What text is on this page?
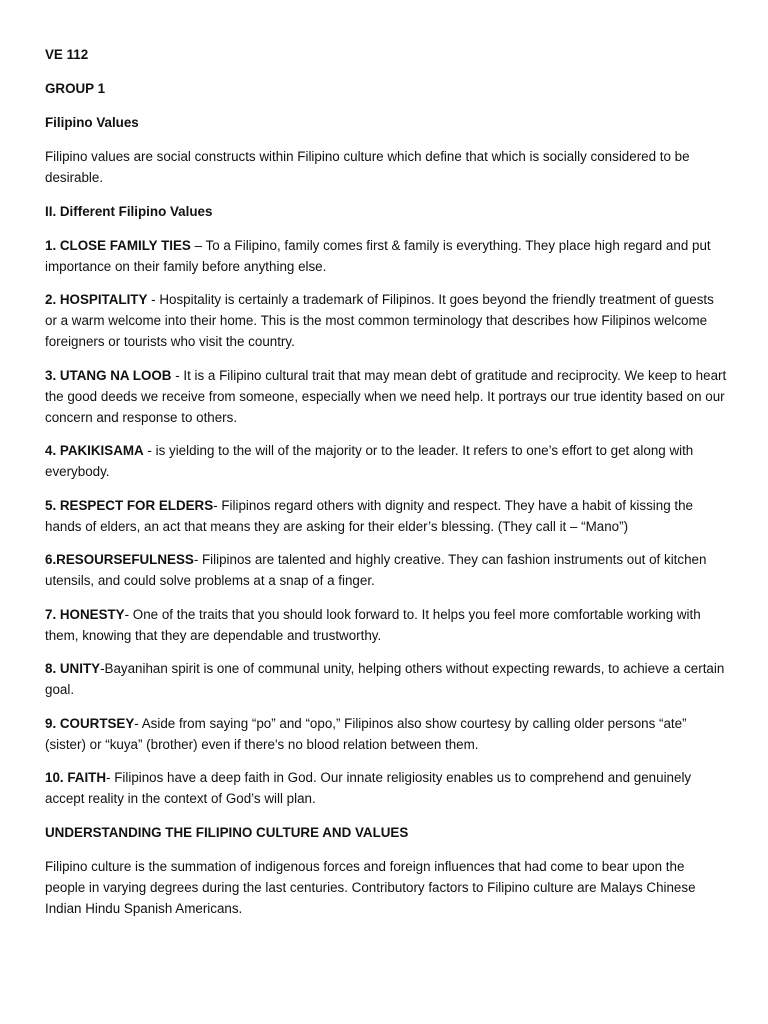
VE 112
GROUP 1
Filipino Values

Filipino values are social constructs within Filipino culture which define that which is socially considered to be desirable.

II. Different Filipino Values

1. CLOSE FAMILY TIES – To a Filipino, family comes first & family is everything. They place high regard and put importance on their family before anything else.

2. HOSPITALITY - Hospitality is certainly a trademark of Filipinos. It goes beyond the friendly treatment of guests or a warm welcome into their home. This is the most common terminology that describes how Filipinos welcome foreigners or tourists who visit the country.

3. UTANG NA LOOB - It is a Filipino cultural trait that may mean debt of gratitude and reciprocity. We keep to heart the good deeds we receive from someone, especially when we need help. It portrays our true identity based on our concern and response to others.

4. PAKIKISAMA - is yielding to the will of the majority or to the leader. It refers to one’s effort to get along with everybody.

5. RESPECT FOR ELDERS- Filipinos regard others with dignity and respect. They have a habit of kissing the hands of elders, an act that means they are asking for their elder’s blessing. (They call it – “Mano”)

6.RESOURSEFULNESS- Filipinos are talented and highly creative. They can fashion instruments out of kitchen utensils, and could solve problems at a snap of a finger.

7. HONESTY- One of the traits that you should look forward to. It helps you feel more comfortable working with them, knowing that they are dependable and trustworthy.

8. UNITY-Bayanihan spirit is one of communal unity, helping others without expecting rewards, to achieve a certain goal.

9. COURTSEY- Aside from saying “po” and “opo,” Filipinos also show courtesy by calling older persons “ate” (sister) or “kuya” (brother) even if there's no blood relation between them.

10. FAITH- Filipinos have a deep faith in God. Our innate religiosity enables us to comprehend and genuinely accept reality in the context of God’s will plan.

UNDERSTANDING THE FILIPINO CULTURE AND VALUES

Filipino culture is the summation of indigenous forces and foreign influences that had come to bear upon the people in varying degrees during the last centuries. Contributory factors to Filipino culture are Malays Chinese Indian Hindu Spanish Americans.
